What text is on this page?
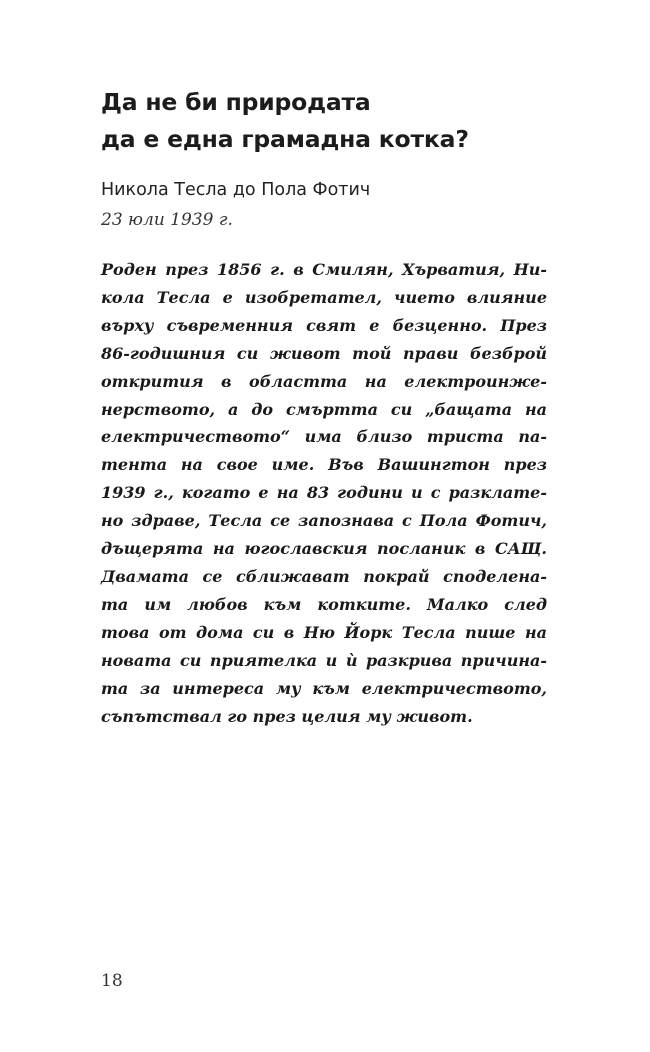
Да не би природата
да е една грамадна котка?
Никола Тесла до Пола Фотич
23 юли 1939 г.
Роден през 1856 г. в Смилян, Хърватия, Ни-
кола Тесла е изобретател, чието влияние
върху съвременния свят е безценно. През
86-годишния си живот той прави безброй
открития в областта на електроинже-
нерството, а до смъртта си „бащата на
електричеството“ има близо триста па-
тента на свое име. Във Вашингтон през
1939 г., когато е на 83 години и с разклате-
но здраве, Тесла се запознава с Пола Фотич,
дъщерята на югославския посланик в САЩ.
Двамата се сближават покрай споделена-
та им любов към котките. Малко след
това от дома си в Ню Йорк Тесла пише на
новата си приятелка и ѝ разкрива причина-
та за интереса му към електричеството,
съпътствал го през целия му живот.
18
